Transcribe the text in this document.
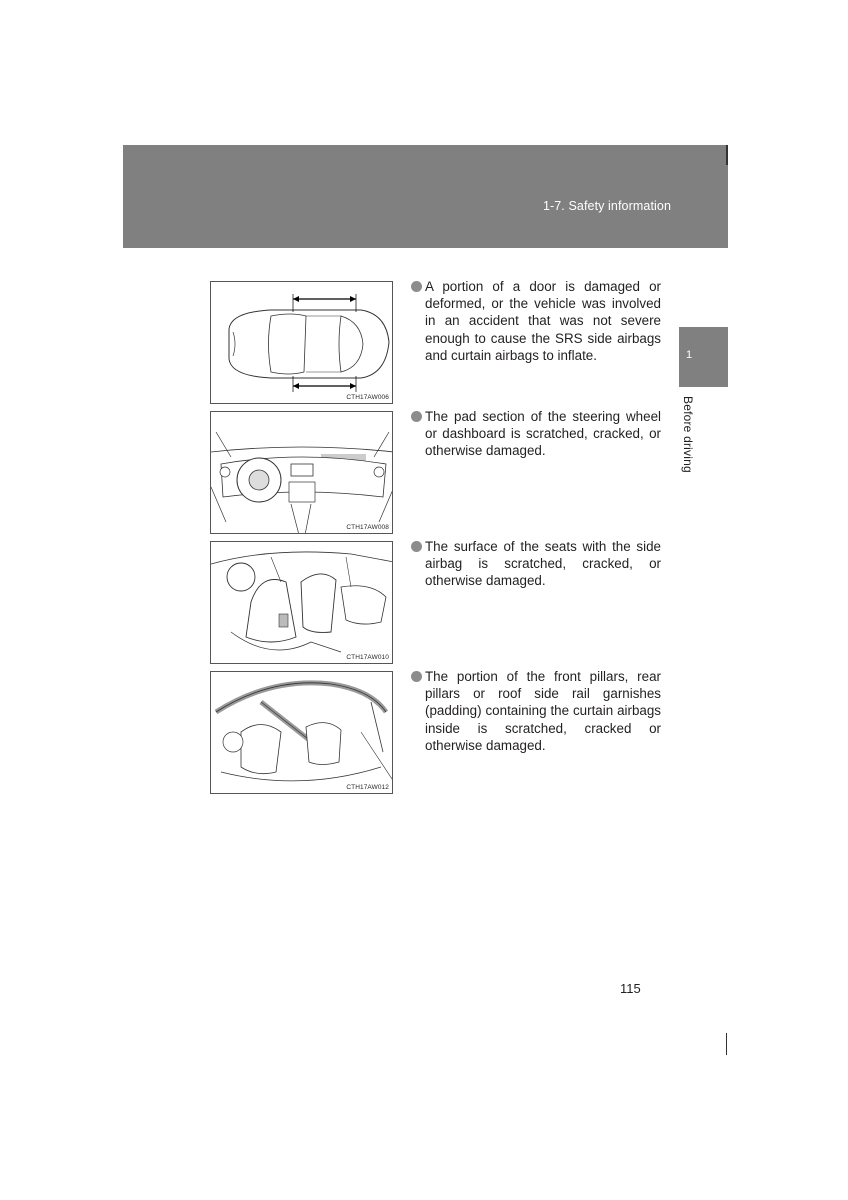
1-7. Safety information
1
Before driving
CTH17AW006
CTH17AW008
CTH17AW010
CTH17AW012
A portion of a door is damaged or deformed, or the vehicle was involved in an accident that was not severe enough to cause the SRS side airbags and curtain airbags to inflate.
The pad section of the steering wheel or dashboard is scratched, cracked, or otherwise damaged.
The surface of the seats with the side airbag is scratched, cracked, or otherwise damaged.
The portion of the front pillars, rear pillars or roof side rail garnishes (padding) containing the curtain airbags inside is scratched, cracked or otherwise damaged.
115
